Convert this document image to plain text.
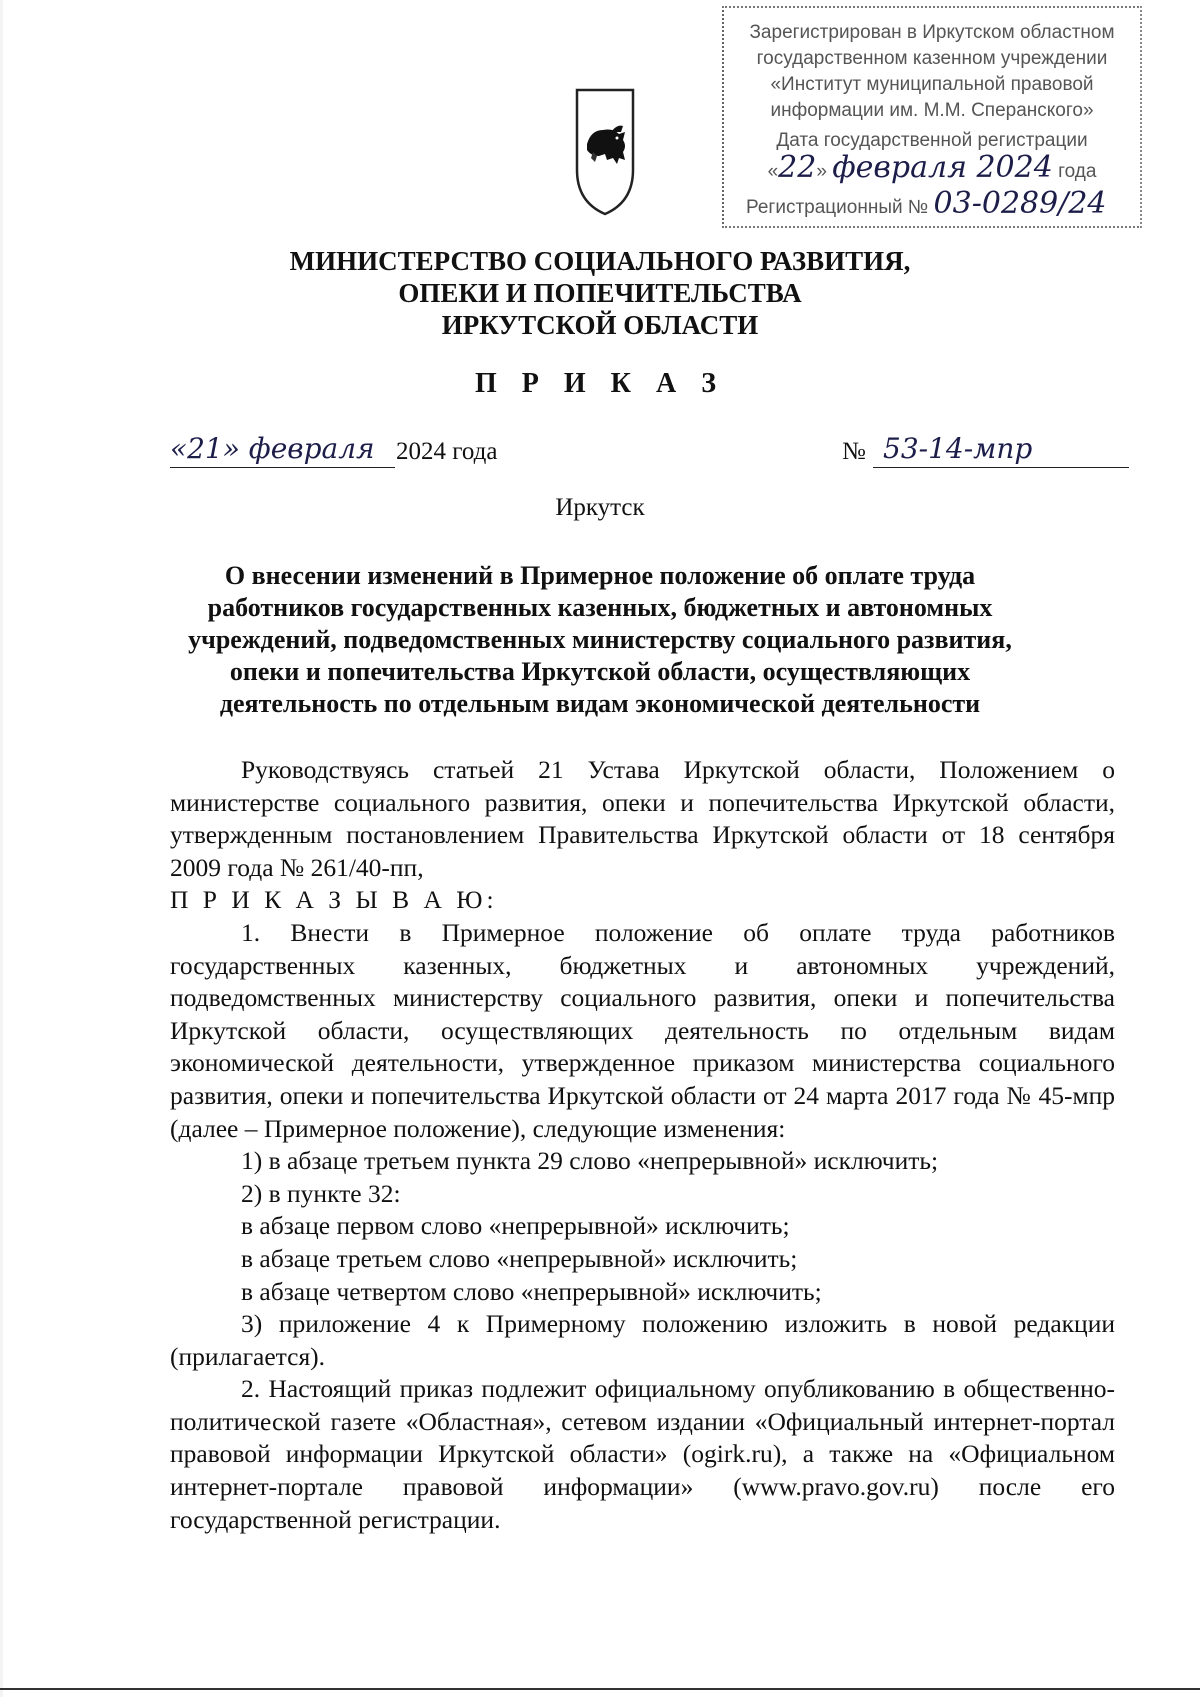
Зарегистрирован в Иркутском областном
государственном казенном учреждении
«Институт муниципальной правовой
информации им. М.М. Сперанского»
Дата государственной регистрации
«22» февраля 2024 года
Регистрационный № 03-0289/24
МИНИСТЕРСТВО СОЦИАЛЬНОГО РАЗВИТИЯ,
ОПЕКИ И ПОПЕЧИТЕЛЬСТВА
ИРКУТСКОЙ ОБЛАСТИ
П Р И К А З
«21» февраля 2024 года	№ 53-14-мпр
Иркутск
О внесении изменений в Примерное положение об оплате труда
работников государственных казенных, бюджетных и автономных
учреждений, подведомственных министерству социального развития,
опеки и попечительства Иркутской области, осуществляющих
деятельность по отдельным видам экономической деятельности

Руководствуясь статьей 21 Устава Иркутской области, Положением о министерстве социального развития, опеки и попечительства Иркутской области, утвержденным постановлением Правительства Иркутской области от 18 сентября 2009 года № 261/40-пп,

П Р И К А З Ы В А Ю:

1. Внести в Примерное положение об оплате труда работников государственных казенных, бюджетных и автономных учреждений, подведомственных министерству социального развития, опеки и попечительства Иркутской области, осуществляющих деятельность по отдельным видам экономической деятельности, утвержденное приказом министерства социального развития, опеки и попечительства Иркутской области от 24 марта 2017 года № 45-мпр (далее – Примерное положение), следующие изменения:

1) в абзаце третьем пункта 29 слово «непрерывной» исключить;

2) в пункте 32:

в абзаце первом слово «непрерывной» исключить;

в абзаце третьем слово «непрерывной» исключить;

в абзаце четвертом слово «непрерывной» исключить;

3) приложение 4 к Примерному положению изложить в новой редакции (прилагается).

2. Настоящий приказ подлежит официальному опубликованию в общественно-политической газете «Областная», сетевом издании «Официальный интернет-портал правовой информации Иркутской области» (ogirk.ru), а также на «Официальном интернет-портале правовой информации» (www.pravo.gov.ru) после его государственной регистрации.
